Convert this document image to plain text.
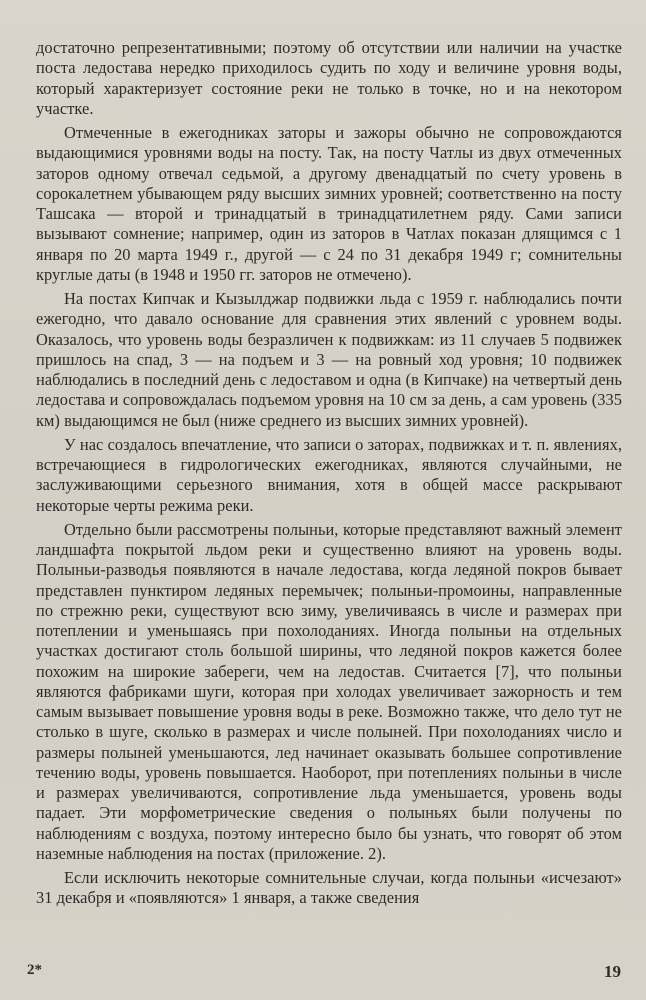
достаточно репрезентативными; поэтому об отсутствии или наличии на участке поста ледостава нередко приходилось судить по ходу и величине уровня воды, который характеризует состояние реки не только в точке, но и на некотором участке.

Отмеченные в ежегодниках заторы и зажоры обычно не сопровождаются выдающимися уровнями воды на посту. Так, на посту Чатлы из двух отмеченных заторов одному отвечал седьмой, а другому двенадцатый по счету уровень в сорокалетнем убывающем ряду высших зимних уровней; соответственно на посту Ташсака — второй и тринадцатый в тринадцатилетнем ряду. Сами записи вызывают сомнение; например, один из заторов в Чатлах показан длящимся с 1 января по 20 марта 1949 г., другой — с 24 по 31 декабря 1949 г; сомнительны круглые даты (в 1948 и 1950 гг. заторов не отмечено).

На постах Кипчак и Кызылджар подвижки льда с 1959 г. наблюдались почти ежегодно, что давало основание для сравнения этих явлений с уровнем воды. Оказалось, что уровень воды безразличен к подвижкам: из 11 случаев 5 подвижек пришлось на спад, 3 — на подъем и 3 — на ровный ход уровня; 10 подвижек наблюдались в последний день с ледоставом и одна (в Кипчаке) на четвертый день ледостава и сопровождалась подъемом уровня на 10 см за день, а сам уровень (335 км) выдающимся не был (ниже среднего из высших зимних уровней).

У нас создалось впечатление, что записи о заторах, подвижках и т. п. явлениях, встречающиеся в гидрологических ежегодниках, являются случайными, не заслуживающими серьезного внимания, хотя в общей массе раскрывают некоторые черты режима реки.

Отдельно были рассмотрены полыньи, которые представляют важный элемент ландшафта покрытой льдом реки и существенно влияют на уровень воды. Полыньи-разводья появляются в начале ледостава, когда ледяной покров бывает представлен пунктиром ледяных перемычек; полыньи-промоины, направленные по стрежню реки, существуют всю зиму, увеличиваясь в числе и размерах при потеплении и уменьшаясь при похолоданиях. Иногда полыньи на отдельных участках достигают столь большой ширины, что ледяной покров кажется более похожим на широкие забереги, чем на ледостав. Считается [7], что полыньи являются фабриками шуги, которая при холодах увеличивает зажорность и тем самым вызывает повышение уровня воды в реке. Возможно также, что дело тут не столько в шуге, сколько в размерах и числе полыней. При похолоданиях число и размеры полыней уменьшаются, лед начинает оказывать большее сопротивление течению воды, уровень повышается. Наоборот, при потеплениях полыньи в числе и размерах увеличиваются, сопротивление льда уменьшается, уровень воды падает. Эти морфометрические сведения о полыньях были получены по наблюдениям с воздуха, поэтому интересно было бы узнать, что говорят об этом наземные наблюдения на постах (приложение. 2).

Если исключить некоторые сомнительные случаи, когда полыньи «исчезают» 31 декабря и «появляются» 1 января, а также сведения

2*	19
